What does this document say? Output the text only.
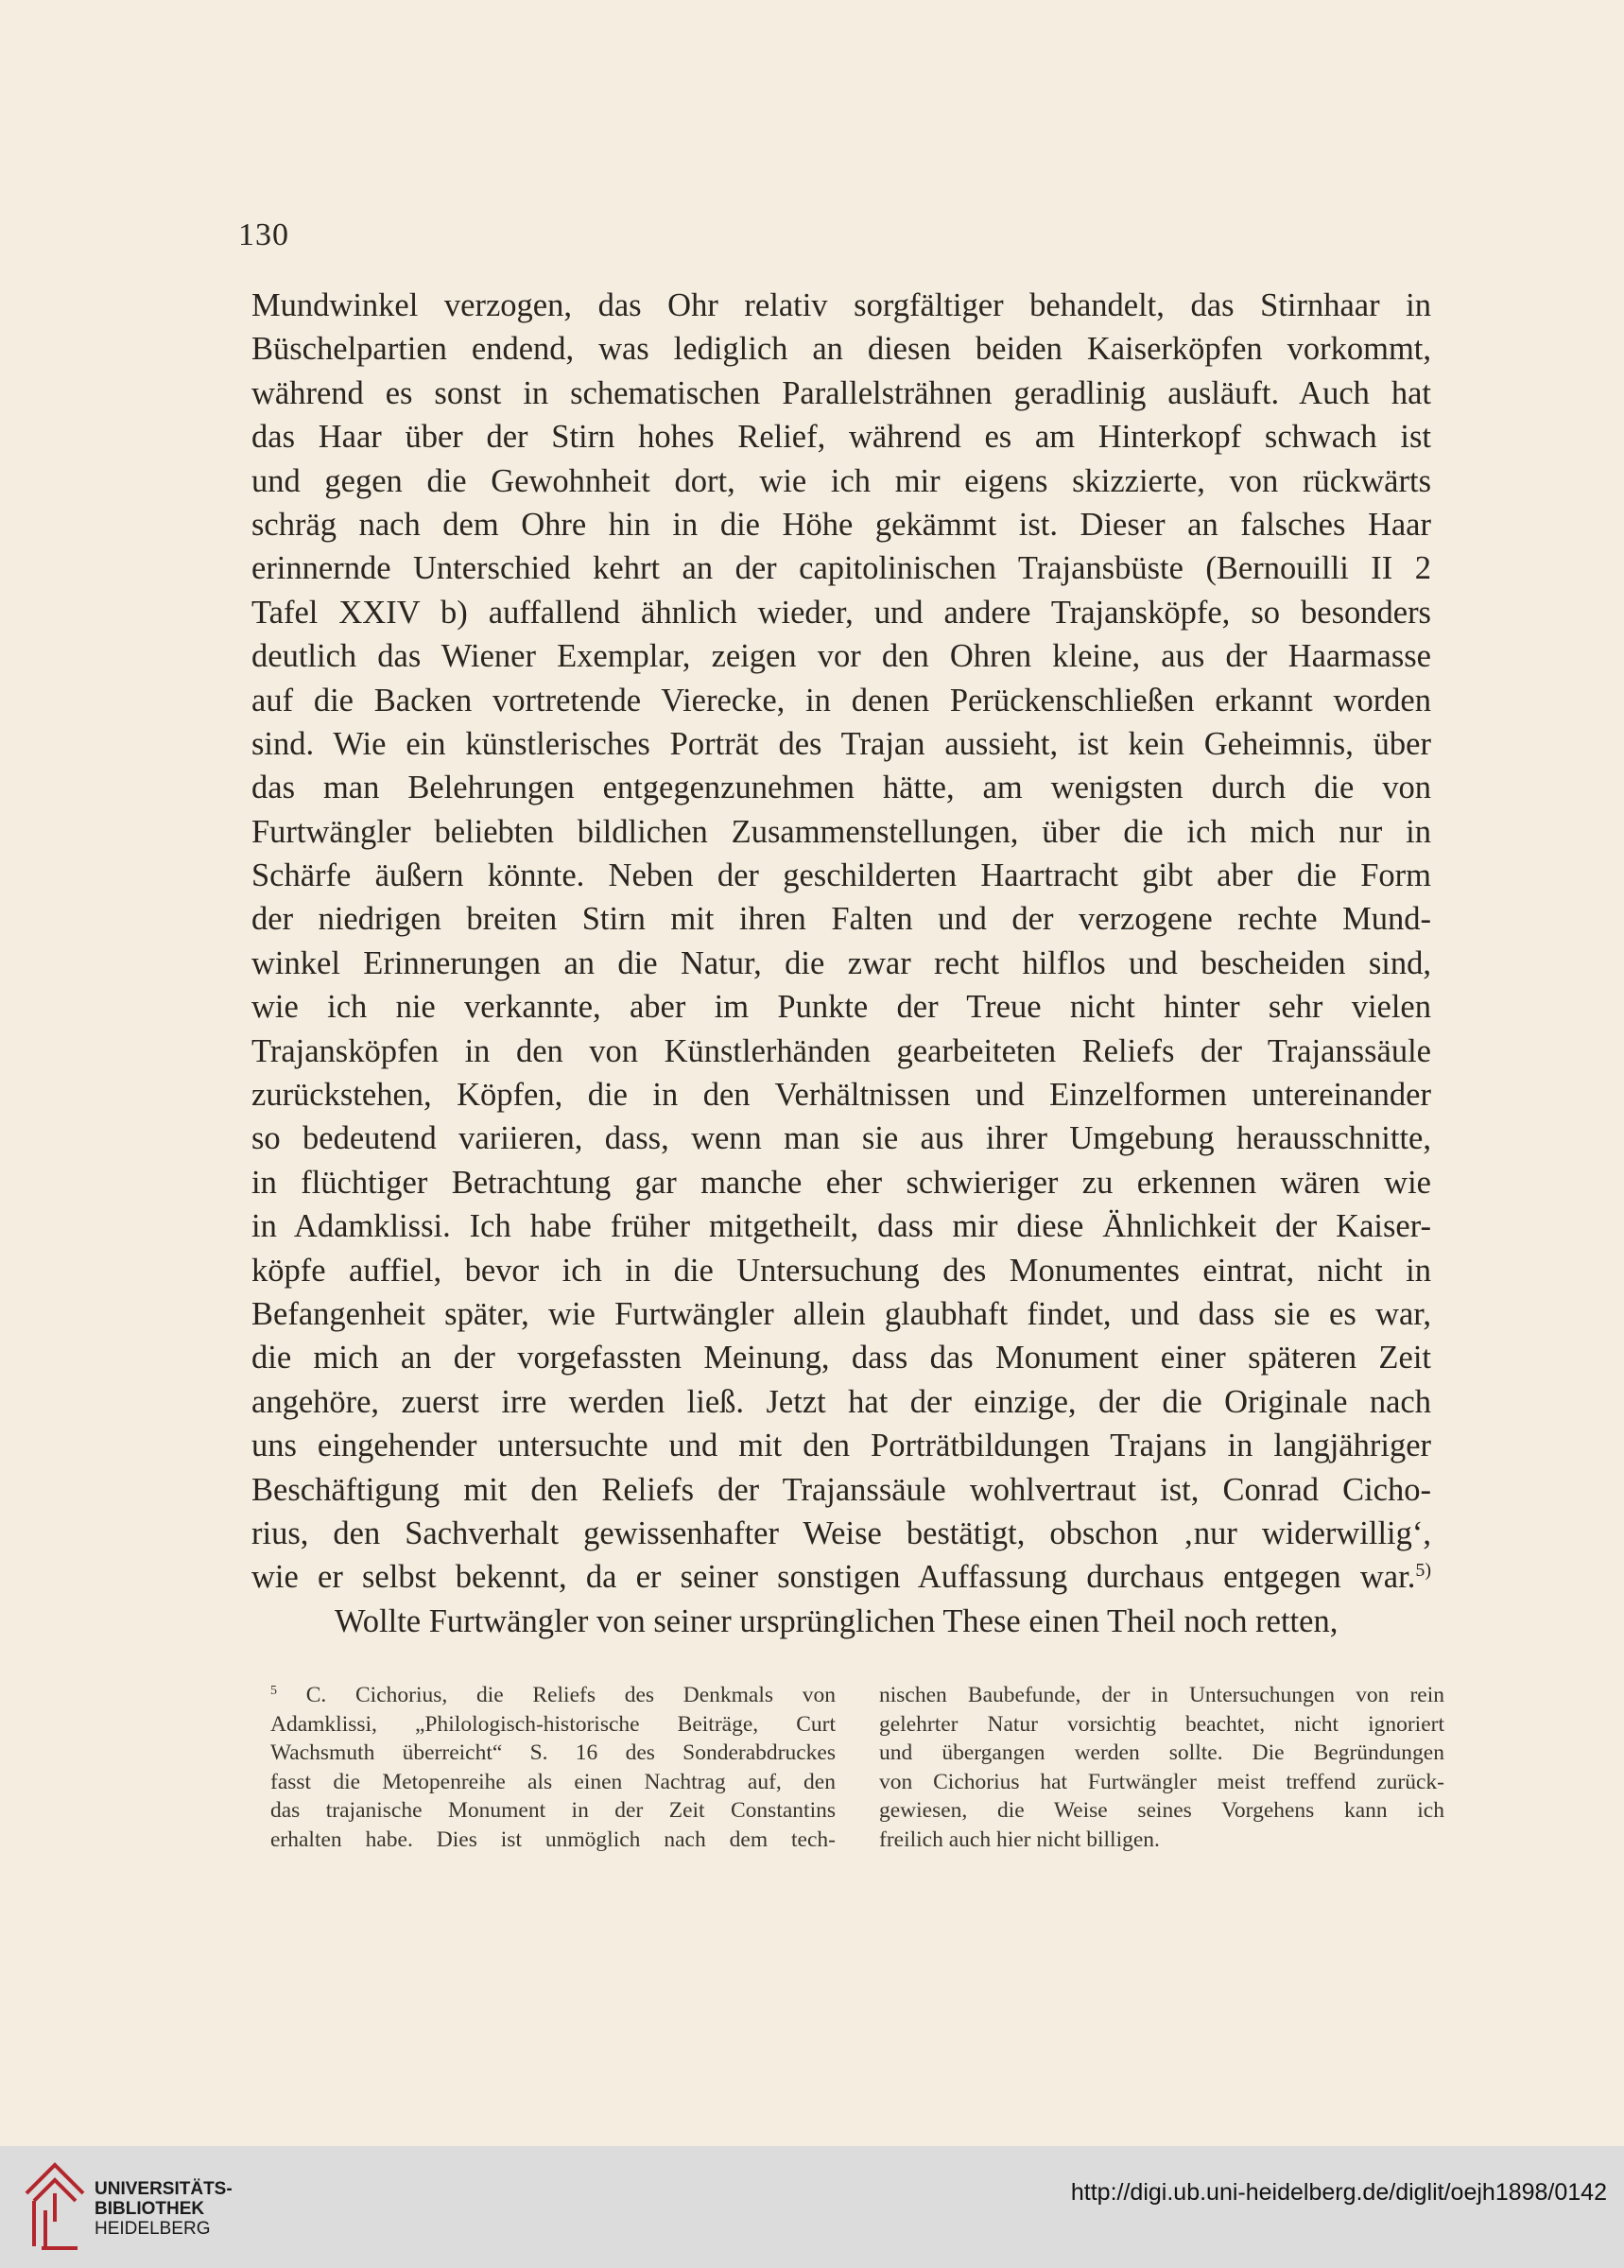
130
Mundwinkel verzogen, das Ohr relativ sorgfältiger behandelt, das Stirnhaar in
Büschelpartien endend, was lediglich an diesen beiden Kaiserköpfen vorkommt,
während es sonst in schematischen Parallelsträhnen geradlinig ausläuft. Auch hat
das Haar über der Stirn hohes Relief, während es am Hinterkopf schwach ist
und gegen die Gewohnheit dort, wie ich mir eigens skizzierte, von rückwärts
schräg nach dem Ohre hin in die Höhe gekämmt ist. Dieser an falsches Haar
erinnernde Unterschied kehrt an der capitolinischen Trajansbüste (Bernouilli II 2
Tafel XXIV b) auffallend ähnlich wieder, und andere Trajansköpfe, so besonders
deutlich das Wiener Exemplar, zeigen vor den Ohren kleine, aus der Haarmasse
auf die Backen vortretende Vierecke, in denen Perückenschließen erkannt worden
sind. Wie ein künstlerisches Porträt des Trajan aussieht, ist kein Geheimnis, über
das man Belehrungen entgegenzunehmen hätte, am wenigsten durch die von
Furtwängler beliebten bildlichen Zusammenstellungen, über die ich mich nur in
Schärfe äußern könnte. Neben der geschilderten Haartracht gibt aber die Form
der niedrigen breiten Stirn mit ihren Falten und der verzogene rechte Mund-
winkel Erinnerungen an die Natur, die zwar recht hilflos und bescheiden sind,
wie ich nie verkannte, aber im Punkte der Treue nicht hinter sehr vielen
Trajansköpfen in den von Künstlerhänden gearbeiteten Reliefs der Trajanssäule
zurückstehen, Köpfen, die in den Verhältnissen und Einzelformen untereinander
so bedeutend variieren, dass, wenn man sie aus ihrer Umgebung herausschnitte,
in flüchtiger Betrachtung gar manche eher schwieriger zu erkennen wären wie
in Adamklissi. Ich habe früher mitgetheilt, dass mir diese Ähnlichkeit der Kaiser-
köpfe auffiel, bevor ich in die Untersuchung des Monumentes eintrat, nicht in
Befangenheit später, wie Furtwängler allein glaubhaft findet, und dass sie es war,
die mich an der vorgefassten Meinung, dass das Monument einer späteren Zeit
angehöre, zuerst irre werden ließ. Jetzt hat der einzige, der die Originale nach
uns eingehender untersuchte und mit den Porträtbildungen Trajans in langjähriger
Beschäftigung mit den Reliefs der Trajanssäule wohlvertraut ist, Conrad Cicho-
rius, den Sachverhalt gewissenhafter Weise bestätigt, obschon ‚nur widerwillig‘,
wie er selbst bekennt, da er seiner sonstigen Auffassung durchaus entgegen war.$^{5)}$
Wollte Furtwängler von seiner ursprünglichen These einen Theil noch retten,
$^5$ C. Cichorius, die Reliefs des Denkmals von
Adamklissi, „Philologisch-historische Beiträge, Curt
Wachsmuth überreicht“ S. 16 des Sonderabdruckes
fasst die Metopenreihe als einen Nachtrag auf, den
das trajanische Monument in der Zeit Constantins
erhalten habe. Dies ist unmöglich nach dem tech-
nischen Baubefunde, der in Untersuchungen von rein
gelehrter Natur vorsichtig beachtet, nicht ignoriert
und übergangen werden sollte. Die Begründungen
von Cichorius hat Furtwängler meist treffend zurück-
gewiesen, die Weise seines Vorgehens kann ich
freilich auch hier nicht billigen.
UNIVERSITÄTS-
BIBLIOTHEK
HEIDELBERG
http://digi.ub.uni-heidelberg.de/diglit/oejh1898/0142
